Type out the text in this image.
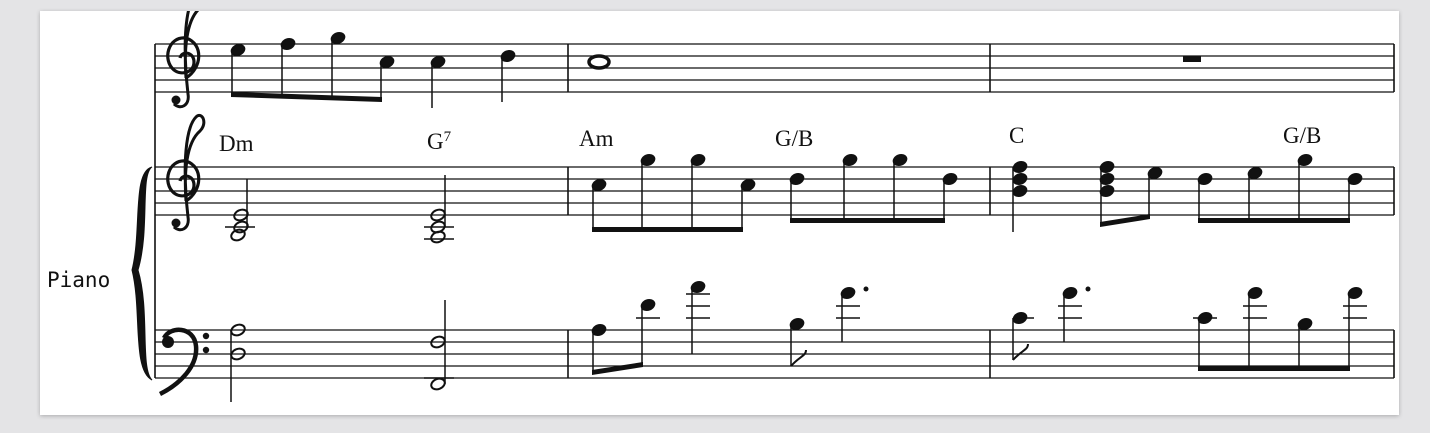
Piano
Dm	$G^7$	Am	G/B	C	G/B
